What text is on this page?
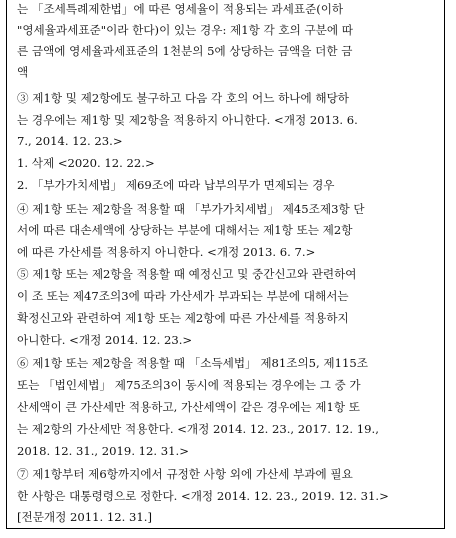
는 「조세특례제한법」에 따른 영세율이 적용되는 과세표준(이하
"영세율과세표준"이라 한다)이 있는 경우: 제1항 각 호의 구분에 따
른 금액에 영세율과세표준의 1천분의 5에 상당하는 금액을 더한 금
액
③ 제1항 및 제2항에도 불구하고 다음 각 호의 어느 하나에 해당하
는 경우에는 제1항 및 제2항을 적용하지 아니한다. <개정 2013. 6.
7., 2014. 12. 23.>
1. 삭제 <2020. 12. 22.>
2. 「부가가치세법」 제69조에 따라 납부의무가 면제되는 경우
④ 제1항 또는 제2항을 적용할 때 「부가가치세법」 제45조제3항 단
서에 따른 대손세액에 상당하는 부분에 대해서는 제1항 또는 제2항
에 따른 가산세를 적용하지 아니한다. <개정 2013. 6. 7.>
⑤ 제1항 또는 제2항을 적용할 때 예정신고 및 중간신고와 관련하여
이 조 또는 제47조의3에 따라 가산세가 부과되는 부분에 대해서는
확정신고와 관련하여 제1항 또는 제2항에 따른 가산세를 적용하지
아니한다. <개정 2014. 12. 23.>
⑥ 제1항 또는 제2항을 적용할 때 「소득세법」 제81조의5, 제115조
또는 「법인세법」 제75조의3이 동시에 적용되는 경우에는 그 중 가
산세액이 큰 가산세만 적용하고, 가산세액이 같은 경우에는 제1항 또
는 제2항의 가산세만 적용한다. <개정 2014. 12. 23., 2017. 12. 19.,
2018. 12. 31., 2019. 12. 31.>
⑦ 제1항부터 제6항까지에서 규정한 사항 외에 가산세 부과에 필요
한 사항은 대통령령으로 정한다. <개정 2014. 12. 23., 2019. 12. 31.>
[전문개정 2011. 12. 31.]
